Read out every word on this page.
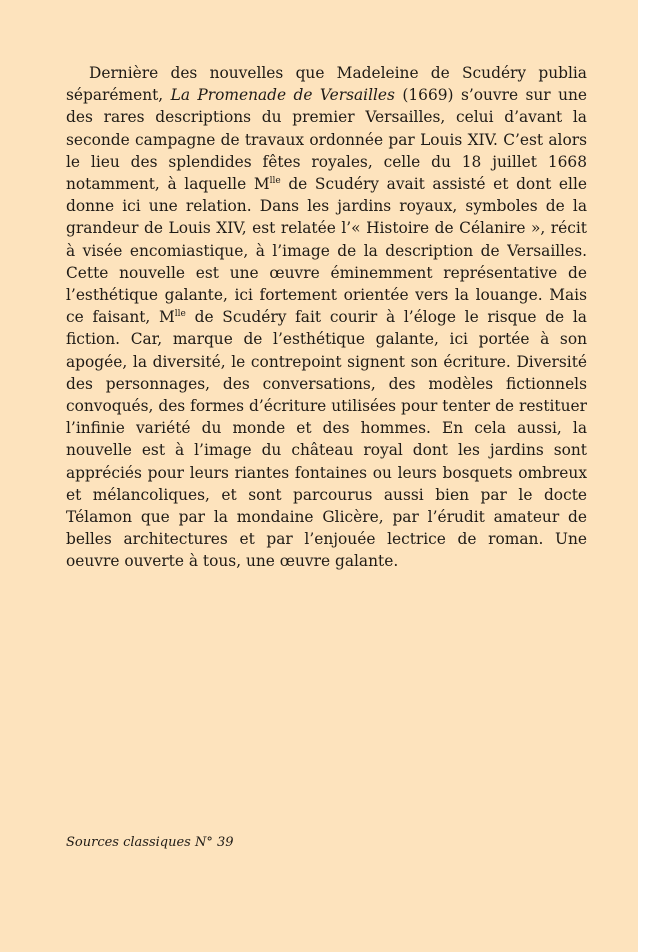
Dernière des nouvelles que Madeleine de Scudéry publia séparément, La Promenade de Versailles (1669) s’ouvre sur une des rares descriptions du premier Versailles, celui d’avant la seconde campagne de travaux ordonnée par Louis XIV. C’est alors le lieu des splendides fêtes royales, celle du 18 juillet 1668 notamment, à laquelle $M^{lle}$ de Scudéry avait assisté et dont elle donne ici une relation. Dans les jardins royaux, symboles de la grandeur de Louis XIV, est relatée l’« Histoire de Célanire », récit à visée encomiastique, à l’image de la description de Versailles. Cette nouvelle est une œuvre éminemment représentative de l’esthétique galante, ici fortement orientée vers la louange. Mais ce faisant, $M^{lle}$ de Scudéry fait courir à l’éloge le risque de la fiction. Car, marque de l’esthétique galante, ici portée à son apogée, la diversité, le contrepoint signent son écriture. Diversité des personnages, des conversations, des modèles fictionnels convoqués, des formes d’écriture utilisées pour tenter de restituer l’infinie variété du monde et des hommes. En cela aussi, la nouvelle est à l’image du château royal dont les jardins sont appréciés pour leurs riantes fontaines ou leurs bosquets ombreux et mélancoliques, et sont parcourus aussi bien par le docte Télamon que par la mondaine Glicère, par l’érudit amateur de belles architectures et par l’enjouée lectrice de roman. Une oeuvre ouverte à tous, une œuvre galante.

Sources classiques N° 39
